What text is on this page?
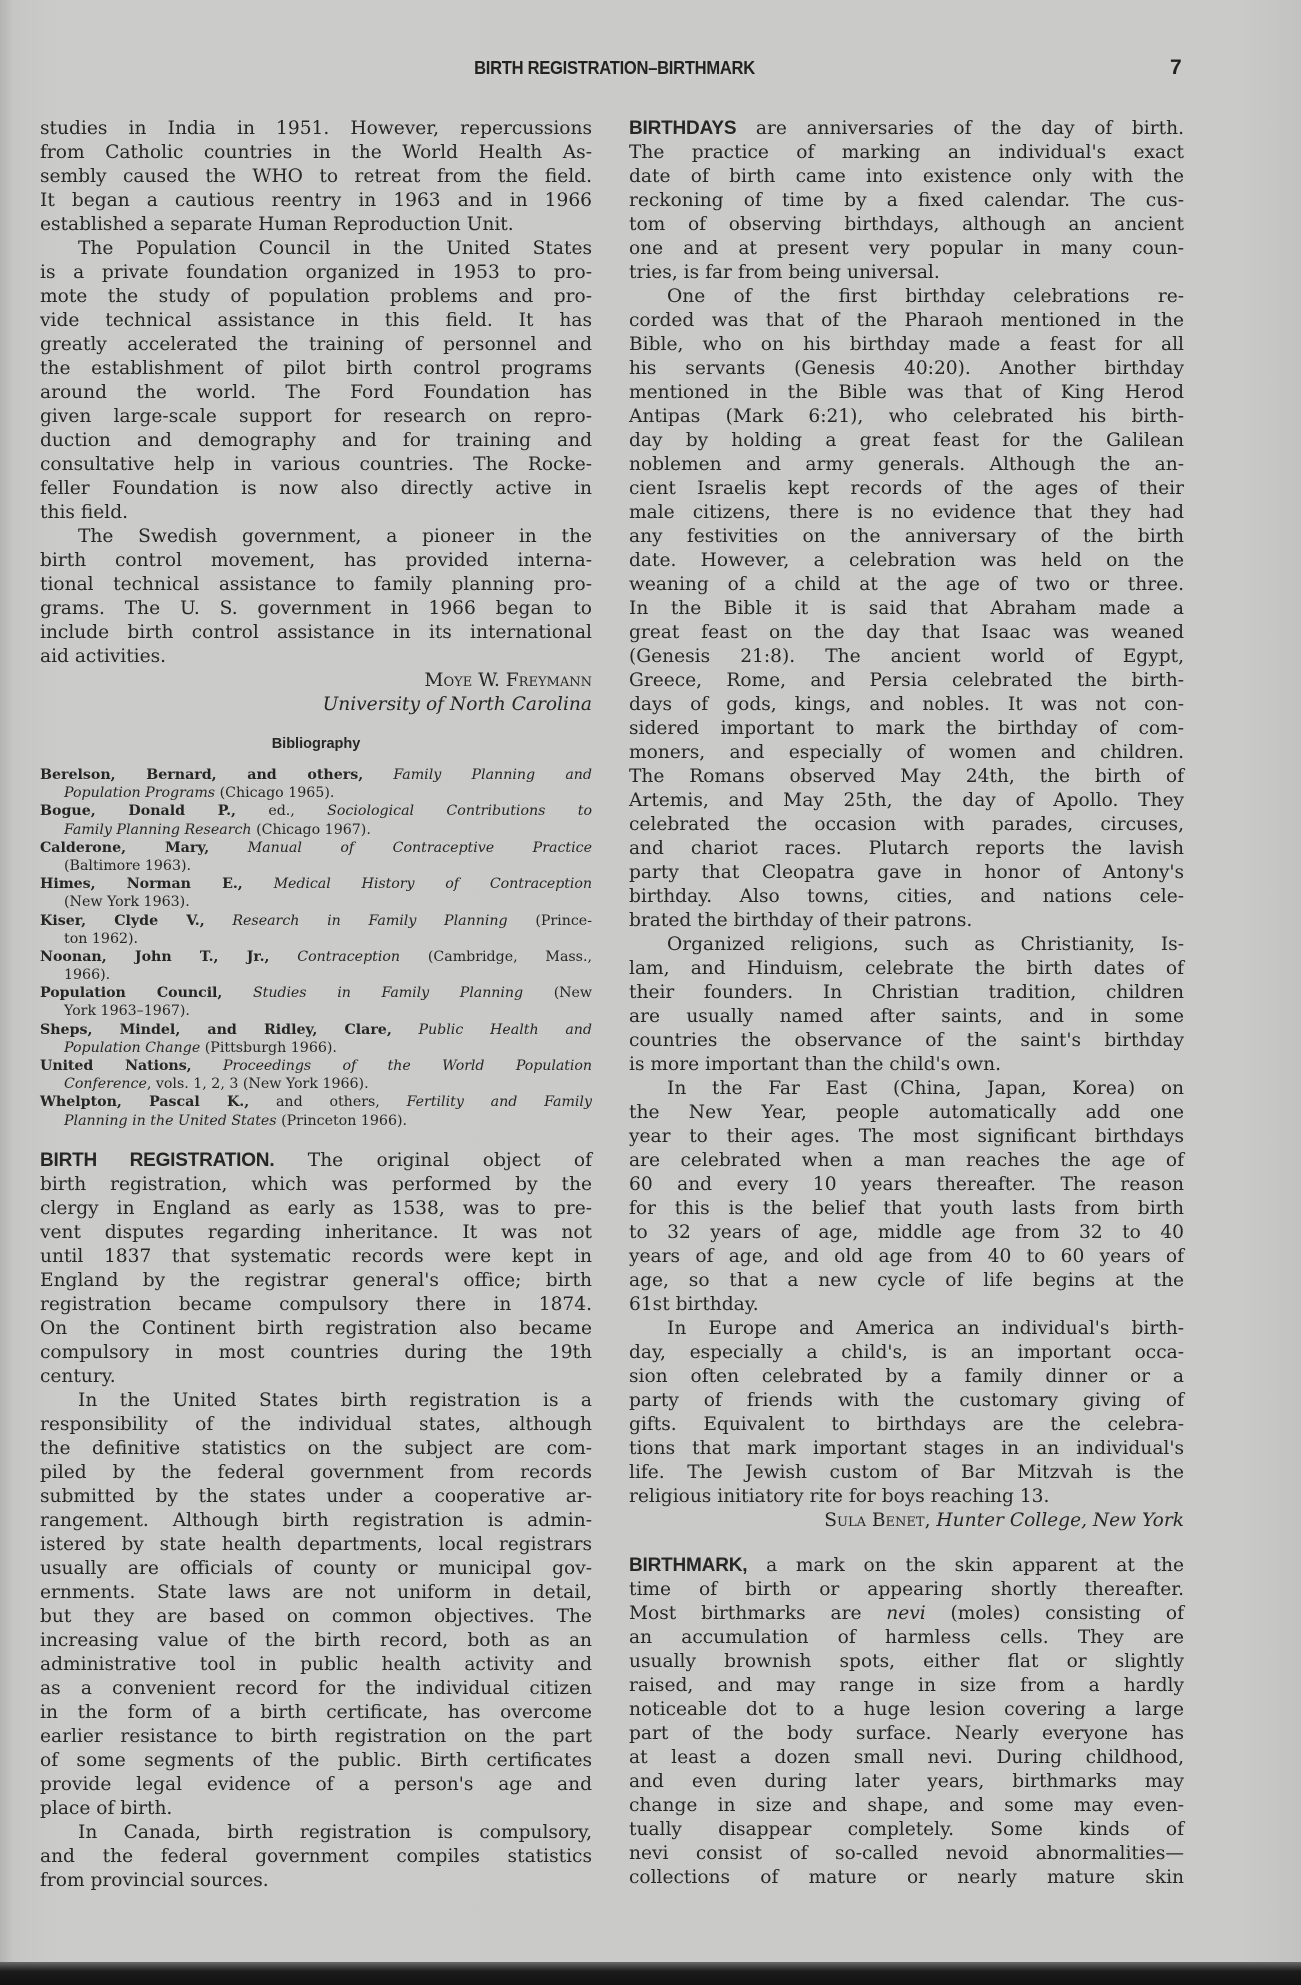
BIRTH REGISTRATION–BIRTHMARK	7
studies in India in 1951. However, repercussions
from Catholic countries in the World Health As-
sembly caused the WHO to retreat from the field.
It began a cautious reentry in 1963 and in 1966
established a separate Human Reproduction Unit.
The Population Council in the United States
is a private foundation organized in 1953 to pro-
mote the study of population problems and pro-
vide technical assistance in this field. It has
greatly accelerated the training of personnel and
the establishment of pilot birth control programs
around the world. The Ford Foundation has
given large-scale support for research on repro-
duction and demography and for training and
consultative help in various countries. The Rocke-
feller Foundation is now also directly active in
this field.
The Swedish government, a pioneer in the
birth control movement, has provided interna-
tional technical assistance to family planning pro-
grams. The U. S. government in 1966 began to
include birth control assistance in its international
aid activities.
Moye W. Freymann
University of North Carolina
Bibliography
Berelson, Bernard, and others, Family Planning and
Population Programs (Chicago 1965).
Bogue, Donald P., ed., Sociological Contributions to
Family Planning Research (Chicago 1967).
Calderone, Mary,	Manual of Contraceptive Practice
(Baltimore 1963).
Himes, Norman E., Medical History of Contraception
(New York 1963).
Kiser, Clyde V., Research in Family Planning (Prince-
ton 1962).
Noonan, John T., Jr., Contraception (Cambridge, Mass.,
1966).
Population Council, Studies in Family Planning (New
York 1963–1967).
Sheps, Mindel, and Ridley, Clare, Public Health and
Population Change (Pittsburgh 1966).
United Nations, Proceedings of the World Population
Conference, vols. 1, 2, 3 (New York 1966).
Whelpton, Pascal K., and others, Fertility and Family
Planning in the United States (Princeton 1966).
BIRTH REGISTRATION. The original object of
birth registration, which was performed by the
clergy in England as early as 1538, was to pre-
vent disputes regarding inheritance. It was not
until 1837 that systematic records were kept in
England by the registrar general's office; birth
registration became compulsory there in 1874.
On the Continent birth registration also became
compulsory in most countries during the 19th
century.
In the United States birth registration is a
responsibility of the individual states, although
the definitive statistics on the subject are com-
piled by the federal government from records
submitted by the states under a cooperative ar-
rangement. Although birth registration is admin-
istered by state health departments, local registrars
usually are officials of county or municipal gov-
ernments. State laws are not uniform in detail,
but they are based on common objectives. The
increasing value of the birth record, both as an
administrative tool in public health activity and
as a convenient record for the individual citizen
in the form of a birth certificate, has overcome
earlier resistance to birth registration on the part
of some segments of the public. Birth certificates
provide legal evidence of a person's age and
place of birth.
In Canada, birth registration is compulsory,
and the federal government compiles statistics
from provincial sources.
BIRTHDAYS are anniversaries of the day of birth.
The practice of marking an individual's exact
date of birth came into existence only with the
reckoning of time by a fixed calendar. The cus-
tom of observing birthdays, although an ancient
one and at present very popular in many coun-
tries, is far from being universal.
One of the first birthday celebrations re-
corded was that of the Pharaoh mentioned in the
Bible, who on his birthday made a feast for all
his servants (Genesis 40:20). Another birthday
mentioned in the Bible was that of King Herod
Antipas (Mark 6:21), who celebrated his birth-
day by holding a great feast for the Galilean
noblemen and army generals. Although the an-
cient Israelis kept records of the ages of their
male citizens, there is no evidence that they had
any festivities on the anniversary of the birth
date. However, a celebration was held on the
weaning of a child at the age of two or three.
In the Bible it is said that Abraham made a
great feast on the day that Isaac was weaned
(Genesis 21:8). The ancient world of Egypt,
Greece, Rome, and Persia celebrated the birth-
days of gods, kings, and nobles. It was not con-
sidered important to mark the birthday of com-
moners, and especially of women and children.
The Romans observed May 24th, the birth of
Artemis, and May 25th, the day of Apollo. They
celebrated the occasion with parades, circuses,
and chariot races. Plutarch reports the lavish
party that Cleopatra gave in honor of Antony's
birthday. Also towns, cities, and nations cele-
brated the birthday of their patrons.
Organized religions, such as Christianity, Is-
lam, and Hinduism, celebrate the birth dates of
their founders. In Christian tradition, children
are usually named after saints, and in some
countries the observance of the saint's birthday
is more important than the child's own.
In the Far East (China, Japan, Korea) on
the New Year, people automatically add one
year to their ages. The most significant birthdays
are celebrated when a man reaches the age of
60 and every 10 years thereafter. The reason
for this is the belief that youth lasts from birth
to 32 years of age, middle age from 32 to 40
years of age, and old age from 40 to 60 years of
age, so that a new cycle of life begins at the
61st birthday.
In Europe and America an individual's birth-
day, especially a child's, is an important occa-
sion often celebrated by a family dinner or a
party of friends with the customary giving of
gifts. Equivalent to birthdays are the celebra-
tions that mark important stages in an individual's
life. The Jewish custom of Bar Mitzvah is the
religious initiatory rite for boys reaching 13.
Sula Benet, Hunter College, New York
BIRTHMARK, a mark on the skin apparent at the
time of birth or appearing shortly thereafter.
Most birthmarks are nevi (moles) consisting of
an accumulation of harmless cells. They are
usually brownish spots, either flat or slightly
raised, and may range in size from a hardly
noticeable dot to a huge lesion covering a large
part of the body surface. Nearly everyone has
at least a dozen small nevi. During childhood,
and even during later years, birthmarks may
change in size and shape, and some may even-
tually disappear completely. Some kinds of
nevi consist of so-called nevoid abnormalities—
collections of mature or nearly mature skin
